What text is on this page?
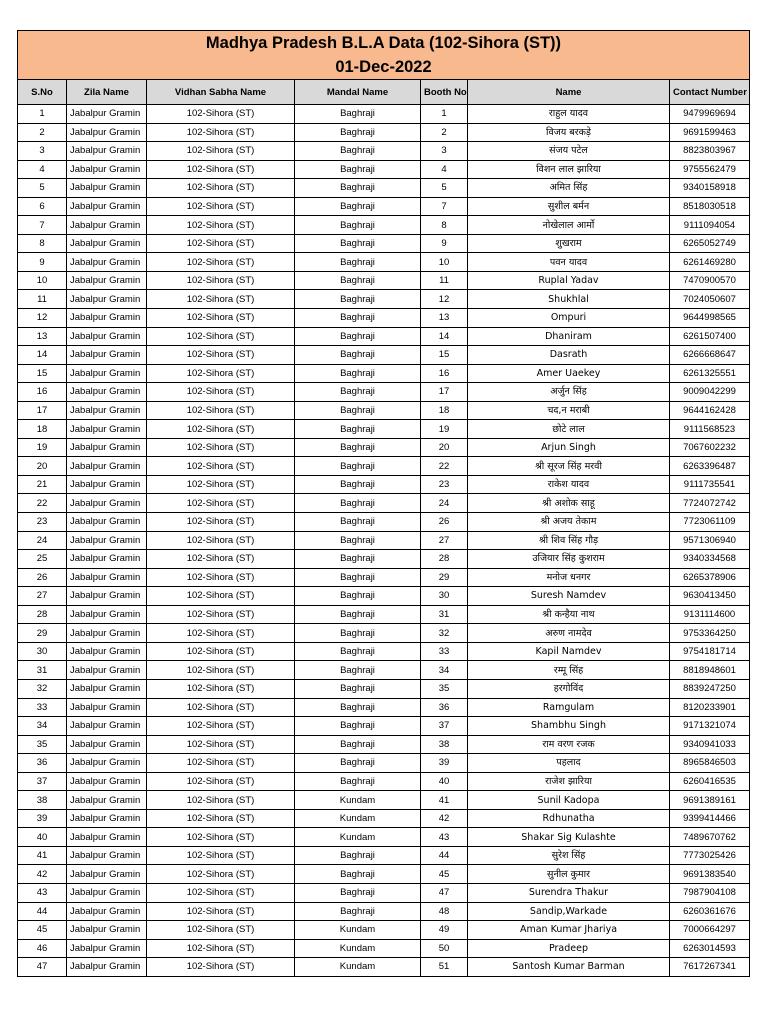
Madhya Pradesh B.L.A Data (102-Sihora (ST))
01-Dec-2022						

S.No	Zila Name	Vidhan Sabha Name	Mandal Name	Booth No	Name	Contact Number
1	Jabalpur Gramin	102-Sihora (ST)	Baghraji	1	राहुल यादव	9479969694
2	Jabalpur Gramin	102-Sihora (ST)	Baghraji	2	विजय बरकड़े	9691599463
3	Jabalpur Gramin	102-Sihora (ST)	Baghraji	3	संजय पटेल	8823803967
4	Jabalpur Gramin	102-Sihora (ST)	Baghraji	4	विशन लाल झारिया	9755562479
5	Jabalpur Gramin	102-Sihora (ST)	Baghraji	5	अमित सिंह	9340158918
6	Jabalpur Gramin	102-Sihora (ST)	Baghraji	7	सुशील बर्मन	8518030518
7	Jabalpur Gramin	102-Sihora (ST)	Baghraji	8	नोखेलाल आर्मो	9111094054
8	Jabalpur Gramin	102-Sihora (ST)	Baghraji	9	शुखराम	6265052749
9	Jabalpur Gramin	102-Sihora (ST)	Baghraji	10	पवन यादव	6261469280
10	Jabalpur Gramin	102-Sihora (ST)	Baghraji	11	Ruplal Yadav	7470900570
11	Jabalpur Gramin	102-Sihora (ST)	Baghraji	12	Shukhlal	7024050607
12	Jabalpur Gramin	102-Sihora (ST)	Baghraji	13	Ompuri	9644998565
13	Jabalpur Gramin	102-Sihora (ST)	Baghraji	14	Dhaniram	6261507400
14	Jabalpur Gramin	102-Sihora (ST)	Baghraji	15	Dasrath	6266668647
15	Jabalpur Gramin	102-Sihora (ST)	Baghraji	16	Amer Uaekey	6261325551
16	Jabalpur Gramin	102-Sihora (ST)	Baghraji	17	अर्जुन सिंह	9009042299
17	Jabalpur Gramin	102-Sihora (ST)	Baghraji	18	चद,न मराबी	9644162428
18	Jabalpur Gramin	102-Sihora (ST)	Baghraji	19	छोटे लाल	9111568523
19	Jabalpur Gramin	102-Sihora (ST)	Baghraji	20	Arjun Singh	7067602232
20	Jabalpur Gramin	102-Sihora (ST)	Baghraji	22	श्री सूरज सिंह मरवी	6263396487
21	Jabalpur Gramin	102-Sihora (ST)	Baghraji	23	राकेश यादव	9111735541
22	Jabalpur Gramin	102-Sihora (ST)	Baghraji	24	श्री अशोक साहू	7724072742
23	Jabalpur Gramin	102-Sihora (ST)	Baghraji	26	श्री अजय तेकाम	7723061109
24	Jabalpur Gramin	102-Sihora (ST)	Baghraji	27	श्री शिव सिंह गौड़	9571306940
25	Jabalpur Gramin	102-Sihora (ST)	Baghraji	28	उजियार सिंह कुशराम	9340334568
26	Jabalpur Gramin	102-Sihora (ST)	Baghraji	29	मनोज धनगर	6265378906
27	Jabalpur Gramin	102-Sihora (ST)	Baghraji	30	Suresh Namdev	9630413450
28	Jabalpur Gramin	102-Sihora (ST)	Baghraji	31	श्री कन्हैया नाथ	9131114600
29	Jabalpur Gramin	102-Sihora (ST)	Baghraji	32	अरुण नामदेव	9753364250
30	Jabalpur Gramin	102-Sihora (ST)	Baghraji	33	Kapil Namdev	9754181714
31	Jabalpur Gramin	102-Sihora (ST)	Baghraji	34	रम्मू सिंह	8818948601
32	Jabalpur Gramin	102-Sihora (ST)	Baghraji	35	हरगोविंद	8839247250
33	Jabalpur Gramin	102-Sihora (ST)	Baghraji	36	Ramgulam	8120233901
34	Jabalpur Gramin	102-Sihora (ST)	Baghraji	37	Shambhu Singh	9171321074
35	Jabalpur Gramin	102-Sihora (ST)	Baghraji	38	राम वरण रजक	9340941033
36	Jabalpur Gramin	102-Sihora (ST)	Baghraji	39	पहलाद	8965846503
37	Jabalpur Gramin	102-Sihora (ST)	Baghraji	40	राजेश झारिया	6260416535
38	Jabalpur Gramin	102-Sihora (ST)	Kundam	41	Sunil Kadopa	9691389161
39	Jabalpur Gramin	102-Sihora (ST)	Kundam	42	Rdhunatha	9399414466
40	Jabalpur Gramin	102-Sihora (ST)	Kundam	43	Shakar Sig Kulashte	7489670762
41	Jabalpur Gramin	102-Sihora (ST)	Baghraji	44	सुरेश सिंह	7773025426
42	Jabalpur Gramin	102-Sihora (ST)	Baghraji	45	सुनील कुमार	9691383540
43	Jabalpur Gramin	102-Sihora (ST)	Baghraji	47	Surendra Thakur	7987904108
44	Jabalpur Gramin	102-Sihora (ST)	Baghraji	48	Sandip,Warkade	6260361676
45	Jabalpur Gramin	102-Sihora (ST)	Kundam	49	Aman Kumar Jhariya	7000664297
46	Jabalpur Gramin	102-Sihora (ST)	Kundam	50	Pradeep	6263014593
47	Jabalpur Gramin	102-Sihora (ST)	Kundam	51	Santosh Kumar Barman	7617267341
